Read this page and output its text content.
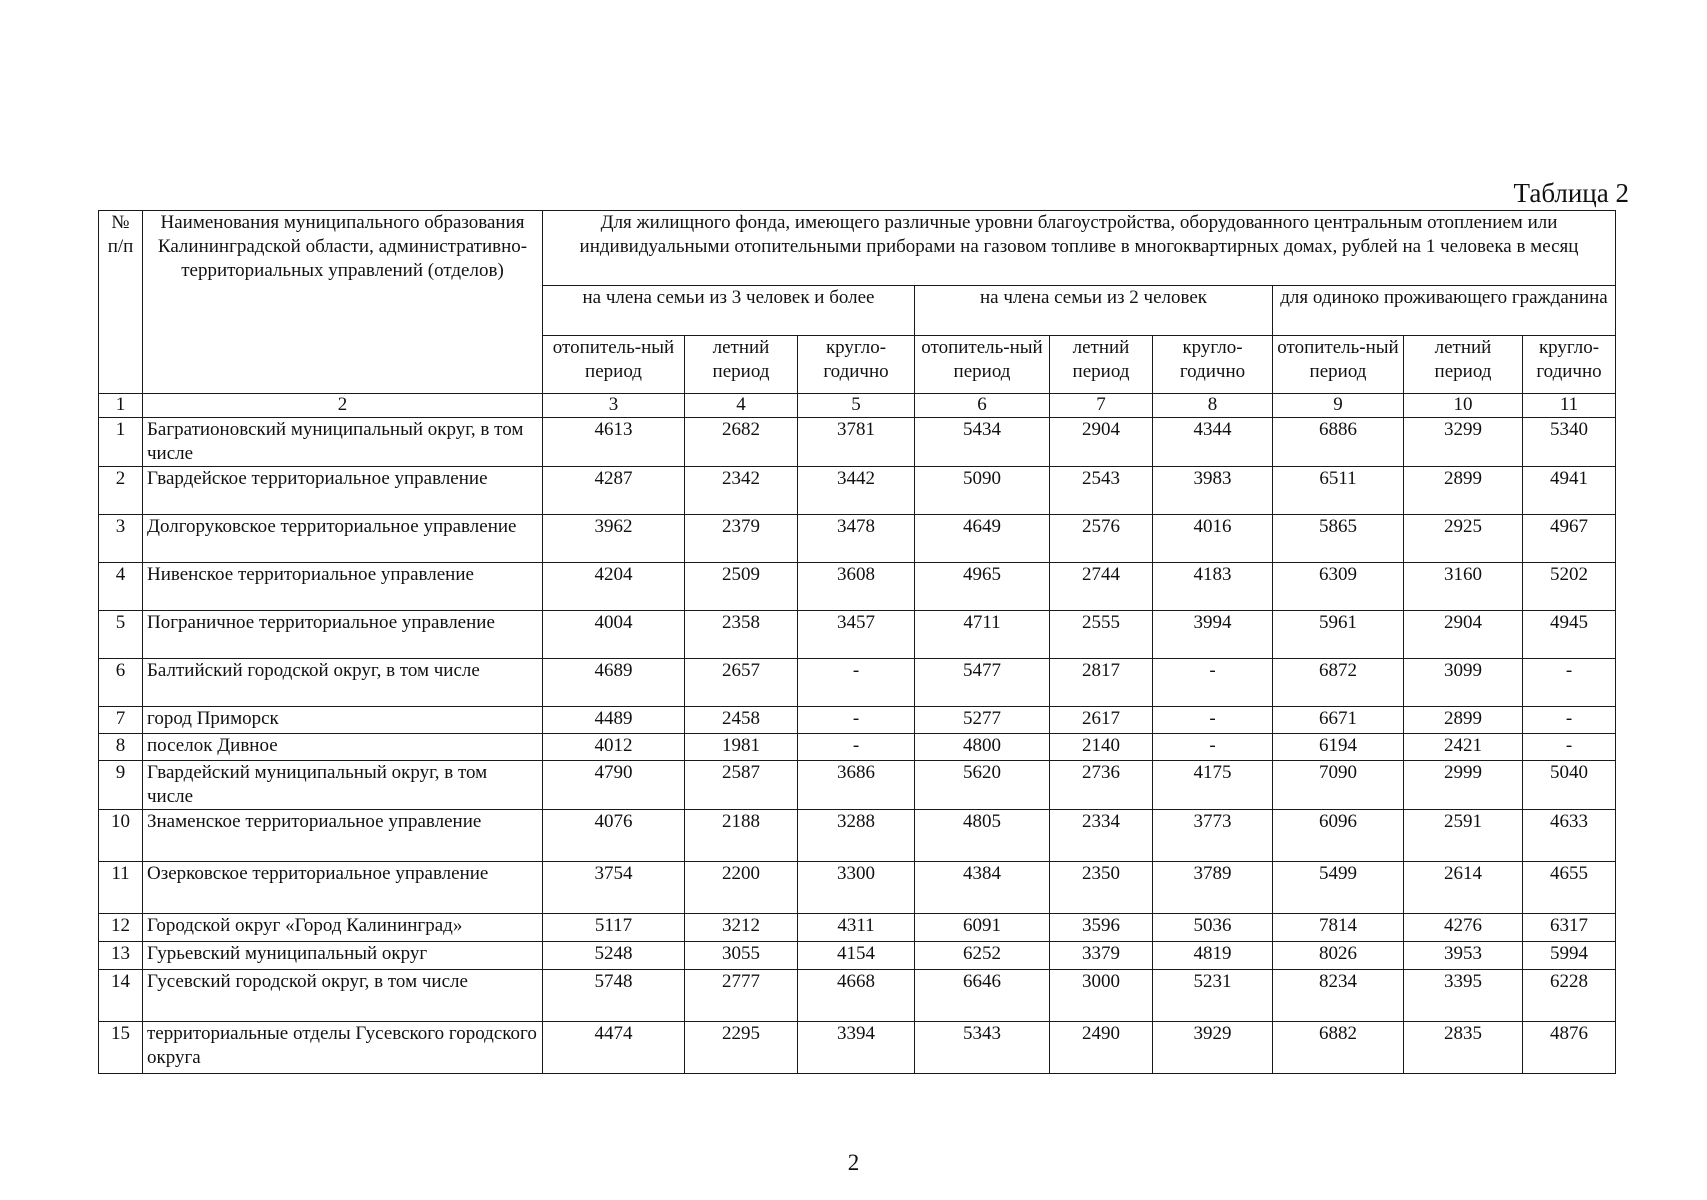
Таблица 2
№ п/п	Наименования муниципального образования Калининградской области, административно-территориальных управлений (отделов)	Для жилищного фонда, имеющего различные уровни благоустройства, оборудованного центральным отоплением или индивидуальными отопительными приборами на газовом топливе в многоквартирных домах, рублей на 1 человека в месяц								
		на члена семьи из 3 человек и более			на члена семьи из 2 человек			для одиноко проживающего гражданина		
		отопитель-ный период	летний период	кругло-годично	отопитель-ный период	летний период	кругло-годично	отопитель-ный период	летний период	кругло-годично
1	2	3	4	5	6	7	8	9	10	11
1	Багратионовский муниципальный округ, в том числе	4613	2682	3781	5434	2904	4344	6886	3299	5340
2	Гвардейское территориальное управление	4287	2342	3442	5090	2543	3983	6511	2899	4941
3	Долгоруковское территориальное управление	3962	2379	3478	4649	2576	4016	5865	2925	4967
4	Нивенское территориальное управление	4204	2509	3608	4965	2744	4183	6309	3160	5202
5	Пограничное территориальное управление	4004	2358	3457	4711	2555	3994	5961	2904	4945
6	Балтийский городской округ, в том числе	4689	2657	-	5477	2817	-	6872	3099	-
7	город Приморск	4489	2458	-	5277	2617	-	6671	2899	-
8	поселок Дивное	4012	1981	-	4800	2140	-	6194	2421	-
9	Гвардейский муниципальный округ, в том числе	4790	2587	3686	5620	2736	4175	7090	2999	5040
10	Знаменское территориальное управление	4076	2188	3288	4805	2334	3773	6096	2591	4633
11	Озерковское территориальное управление	3754	2200	3300	4384	2350	3789	5499	2614	4655
12	Городской округ «Город Калининград»	5117	3212	4311	6091	3596	5036	7814	4276	6317
13	Гурьевский муниципальный округ	5248	3055	4154	6252	3379	4819	8026	3953	5994
14	Гусевский городской округ, в том числе	5748	2777	4668	6646	3000	5231	8234	3395	6228
15	территориальные отделы Гусевского городского округа	4474	2295	3394	5343	2490	3929	6882	2835	4876
2
